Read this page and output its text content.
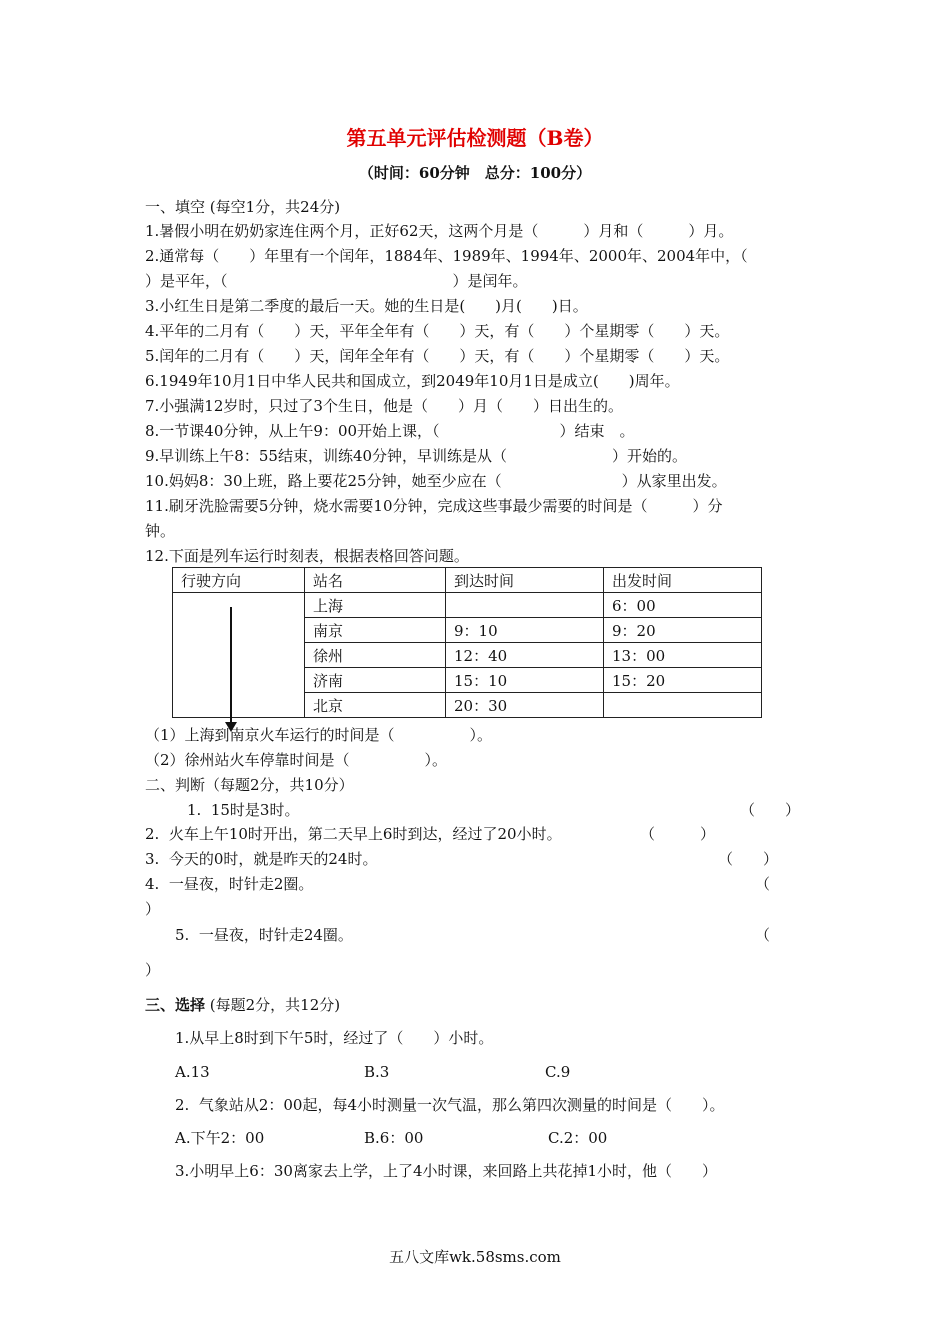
第五单元评估检测题（B卷）
（时间：60分钟　总分：100分）
一、填空 (每空1分，共24分)
1.暑假小明在奶奶家连住两个月，正好62天，这两个月是（　　　）月和（　　　）月。
2.通常每（　　）年里有一个闰年，1884年、1989年、1994年、2000年、2004年中，（
）是平年，（　　　　　　　　　　　　　　　）是闰年。
3.小红生日是第二季度的最后一天。她的生日是(　　)月(　　)日。
4.平年的二月有（　　）天，平年全年有（　　）天，有（　　）个星期零（　　）天。
5.闰年的二月有（　　）天，闰年全年有（　　）天，有（　　）个星期零（　　）天。
6.1949年10月1日中华人民共和国成立，到2049年10月1日是成立(　　)周年。
7.小强满12岁时，只过了3个生日，他是（　　）月（　　）日出生的。
8.一节课40分钟，从上午9：00开始上课，（　　　　　　　　）结束　。
9.早训练上午8：55结束，训练40分钟，早训练是从（　　　　　　　）开始的。
10.妈妈8：30上班，路上要花25分钟，她至少应在（　　　　　　　　）从家里出发。
11.刷牙洗脸需要5分钟，烧水需要10分钟，完成这些事最少需要的时间是（　　　）分
钟。
12.下面是列车运行时刻表，根据表格回答问题。
行驶方向	站名	到达时间	出发时间
	上海		6：00
	南京	9：10	9：20
	徐州	12：40	13：00
	济南	15：10	15：20
	北京	20：30	
（1）上海到南京火车运行的时间是（　　　　　）。
（2）徐州站火车停靠时间是（　　　　　）。
二、判断（每题2分，共10分）
1.  15时是3时。	（　　）
2.  火车上午10时开出，第二天早上6时到达，经过了20小时。	（　　　）
3.  今天的0时，就是昨天的24时。	（　　）
4.  一昼夜，时针走2圈。	（
）
5.  一昼夜，时针走24圈。	（
）
三、选择 (每题2分，共12分)
1.从早上8时到下午5时，经过了（　　）小时。
A.13	B.3	C.9
2.  气象站从2：00起，每4小时测量一次气温，那么第四次测量的时间是（　　）。
A.下午2：00	B.6：00	C.2：00
3.小明早上6：30离家去上学，上了4小时课，来回路上共花掉1小时，他（　　）
五八文库wk.58sms.com
